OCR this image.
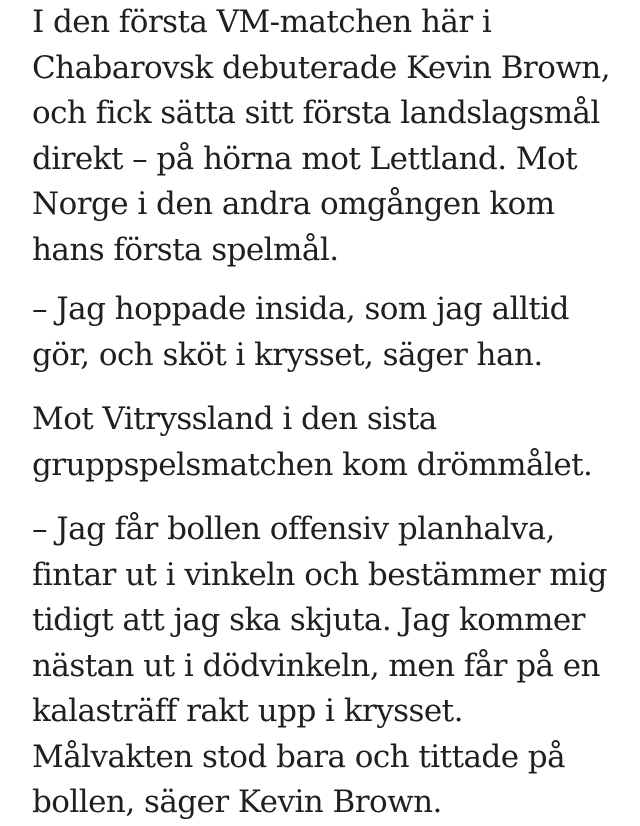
I den första VM-matchen här i
Chabarovsk debuterade Kevin Brown,
och fick sätta sitt första landslagsmål
direkt – på hörna mot Lettland. Mot
Norge i den andra omgången kom
hans första spelmål.

– Jag hoppade insida, som jag alltid
gör, och sköt i krysset, säger han.

Mot Vitryssland i den sista
gruppspelsmatchen kom drömmålet.

– Jag får bollen offensiv planhalva,
fintar ut i vinkeln och bestämmer mig
tidigt att jag ska skjuta. Jag kommer
nästan ut i dödvinkeln, men får på en
kalasträff rakt upp i krysset.
Målvakten stod bara och tittade på
bollen, säger Kevin Brown.
